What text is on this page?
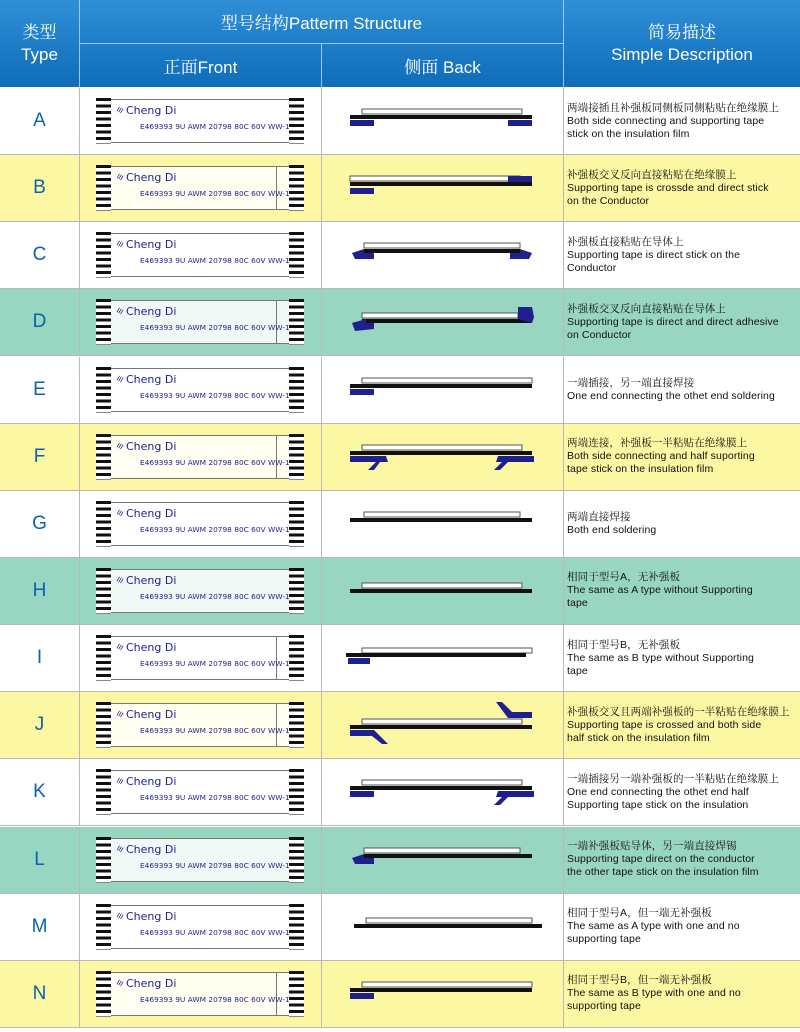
类型
Type
型号结构Patterm Structure
正面Front	侧面 Back
简易描述
Simple Description
A	Cheng Di
E469393 9U AWM 20798 80C 60V WW-1
两端接插且补强板同侧板同侧粘贴在绝缘膜上
Both side connecting and supporting tape
stick on the insulation film
B	Cheng Di
E469393 9U AWM 20798 80C 60V WW-1
补强板交叉反向直接粘贴在绝缘膜上
Supporting tape is crossde and direct stick
on the Conductor
C	Cheng Di
E469393 9U AWM 20798 80C 60V WW-1
补强板直接粘贴在导体上
Supporting tape is direct stick on the
Conductor
D	Cheng Di
E469393 9U AWM 20798 80C 60V WW-1
补强板交叉反向直接粘贴在导体上
Supporting tape is direct and direct adhesive
on Conductor
E	Cheng Di
E469393 9U AWM 20798 80C 60V WW-1
一端插接，另一端直接焊接
One end connecting the othet end soldering
F	Cheng Di
E469393 9U AWM 20798 80C 60V WW-1
两端连接，补强板一半粘贴在绝缘膜上
Both side connecting and half suporting
tape stick on the insulation film
G	Cheng Di
E469393 9U AWM 20798 80C 60V WW-1
两端直接焊接
Both end soldering
H	Cheng Di
E469393 9U AWM 20798 80C 60V WW-1
相同于型号A，无补强板
The same as A type without Supporting
tape
I	Cheng Di
E469393 9U AWM 20798 80C 60V WW-1
相同于型号B，无补强板
The same as B type without Supporting
tape
J	Cheng Di
E469393 9U AWM 20798 80C 60V WW-1
补强板交叉且两端补强板的一半粘贴在绝缘膜上
Supporting tape is crossed and both side
half stick on the insulation film
K	Cheng Di
E469393 9U AWM 20798 80C 60V WW-1
一端插接另一端补强板的一半粘贴在绝缘膜上
One end connecting the othet end half
Supporting tape stick on the insulation
L	Cheng Di
E469393 9U AWM 20798 80C 60V WW-1
一端补强板贴导体，另一端直接焊锡
Supporting tape direct on the conductor
the other tape stick on the insulation film
M	Cheng Di
E469393 9U AWM 20798 80C 60V WW-1
相同于型号A，但一端无补强板
The same as A type with one and no
supporting tape
N	Cheng Di
E469393 9U AWM 20798 80C 60V WW-1
相同于型号B，但一端无补强板
The same as B type with one and no
supporting tape
